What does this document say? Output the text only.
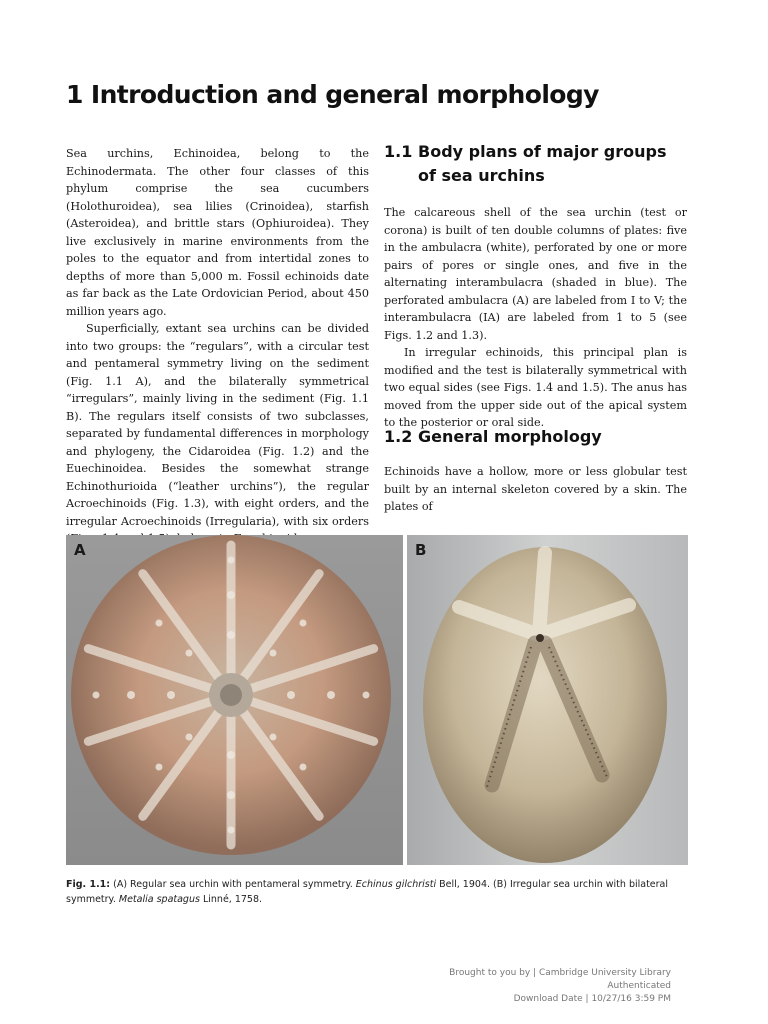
1 Introduction and general morphology

Sea urchins, Echinoidea, belong to the Echinodermata. The other four classes of this phylum comprise the sea cucumbers (Holothuroidea), sea lilies (Crinoidea), starfish (Asteroidea), and brittle stars (Ophiuroidea). They live exclusively in marine environments from the poles to the equator and from intertidal zones to depths of more than 5,000 m. Fossil echinoids date as far back as the Late Ordovician Period, about 450 million years ago.

Superficially, extant sea urchins can be divided into two groups: the “regulars”, with a circular test and pentameral symmetry living on the sediment (Fig. 1.1 A), and the bilaterally symmetrical “irregulars”, mainly living in the sediment (Fig. 1.1 B). The regulars itself consists of two subclasses, separated by fundamental differences in morphology and phylogeny, the Cidaroidea (Fig. 1.2) and the Euechinoidea. Besides the somewhat strange Echinothurioida (“leather urchins”), the regular Acroechinoids (Fig. 1.3), with eight orders, and the irregular Acroechinoids (Irregularia), with six orders

1.1 Body plans of major groups
of sea urchins

The calcareous shell of the sea urchin (test or corona) is built of ten double columns of plates: five in the ambulacra (white), perforated by one or more pairs of pores or single ones, and five in the alternating interambulacra (shaded in blue). The perforated ambulacra (A) are labeled from I to V; the interambulacra (IA) are labeled from 1 to 5 (see Figs. 1.2 and 1.3).

In irregular echinoids, this principal plan is modified and the test is bilaterally symmetrical with two equal sides (see Figs. 1.4 and 1.5). The anus has moved from the upper side out of the apical system to the posterior or oral side.

1.2 General morphology

Echinoids have a hollow, more or less globular test built by an internal skeleton covered by a skin. The plates of

A	B
Fig. 1.1: (A) Regular sea urchin with pentameral symmetry. Echinus gilchristi Bell, 1904. (B) Irregular sea urchin with bilateral symmetry. Metalia spatagus Linné, 1758.
Brought to you by | Cambridge University Library
Authenticated
Download Date | 10/27/16 3:59 PM
